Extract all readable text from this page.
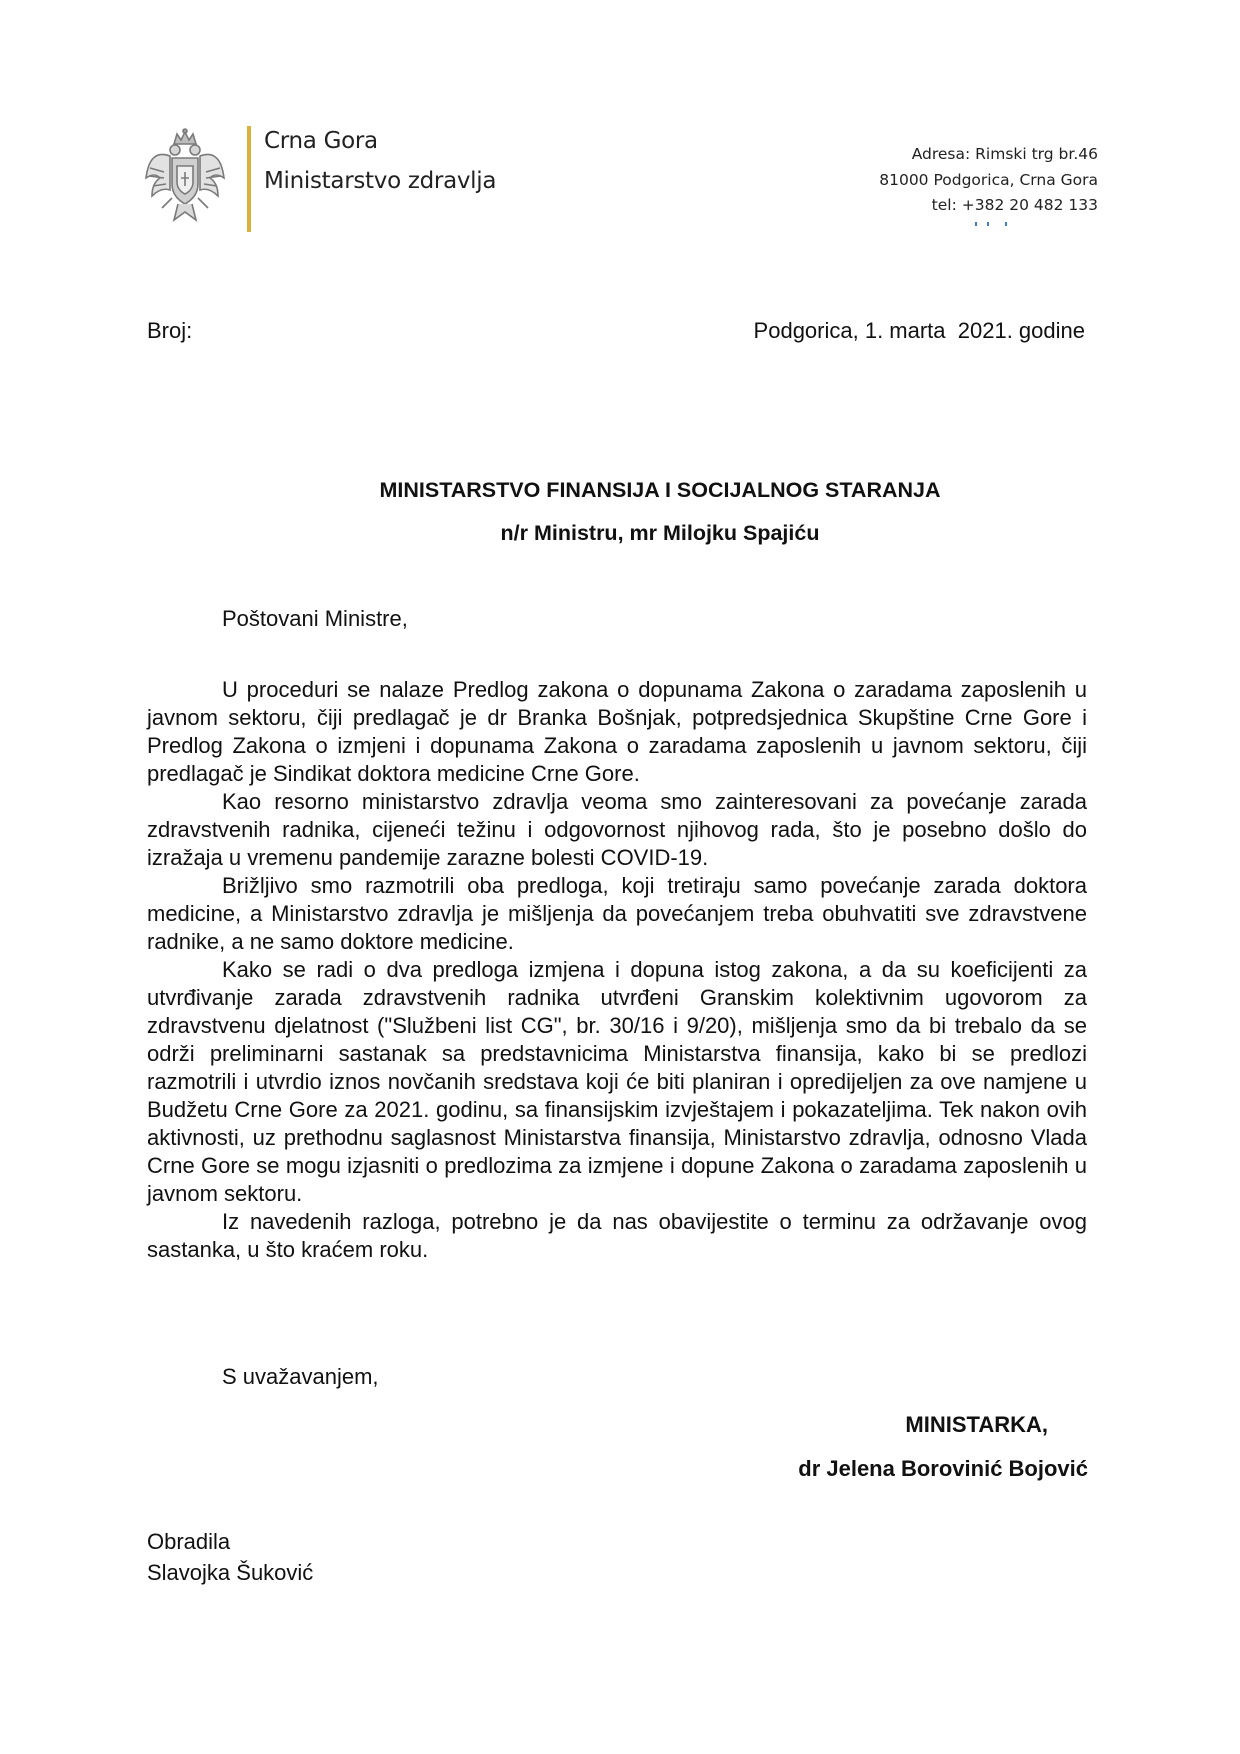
Crna Gora
Ministarstvo zdravlja
Adresa: Rimski trg br.46
81000 Podgorica, Crna Gora
tel: +382 20 482 133
Broj:	Podgorica, 1. marta  2021. godine
MINISTARSTVO FINANSIJA I SOCIJALNOG STARANJA
n/r Ministru, mr Milojku Spajiću
Poštovani Ministre,

U proceduri se nalaze Predlog zakona o dopunama Zakona o zaradama zaposlenih u javnom sektoru, čiji predlagač je dr Branka Bošnjak, potpredsjednica Skupštine Crne Gore i Predlog Zakona o izmjeni i dopunama Zakona o zaradama zaposlenih u javnom sektoru, čiji predlagač je Sindikat doktora medicine Crne Gore.

Kao resorno ministarstvo zdravlja veoma smo zainteresovani za povećanje zarada zdravstvenih radnika, cijeneći težinu i odgovornost njihovog rada, što je posebno došlo do izražaja u vremenu pandemije zarazne bolesti COVID-19.

Brižljivo smo razmotrili oba predloga, koji tretiraju samo povećanje zarada doktora medicine, a Ministarstvo zdravlja je mišljenja da povećanjem treba obuhvatiti sve zdravstvene radnike, a ne samo doktore medicine.

Kako se radi o dva predloga izmjena i dopuna istog zakona, a da su koeficijenti za utvrđivanje zarada zdravstvenih radnika utvrđeni Granskim kolektivnim ugovorom za zdravstvenu djelatnost ("Službeni list CG", br. 30/16 i 9/20), mišljenja smo da bi trebalo da se održi preliminarni sastanak sa predstavnicima Ministarstva finansija, kako bi se predlozi razmotrili i utvrdio iznos novčanih sredstava koji će biti planiran i opredijeljen za ove namjene u Budžetu Crne Gore za 2021. godinu, sa finansijskim izvještajem i pokazateljima. Tek nakon ovih aktivnosti, uz prethodnu saglasnost Ministarstva finansija, Ministarstvo zdravlja, odnosno Vlada Crne Gore se mogu izjasniti o predlozima za izmjene i dopune Zakona o zaradama zaposlenih u javnom sektoru.

Iz navedenih razloga, potrebno je da nas obavijestite o terminu za održavanje ovog sastanka, u što kraćem roku.

S uvažavanjem,
MINISTARKA,
dr Jelena Borovinić Bojović
Obradila
Slavojka Šuković
